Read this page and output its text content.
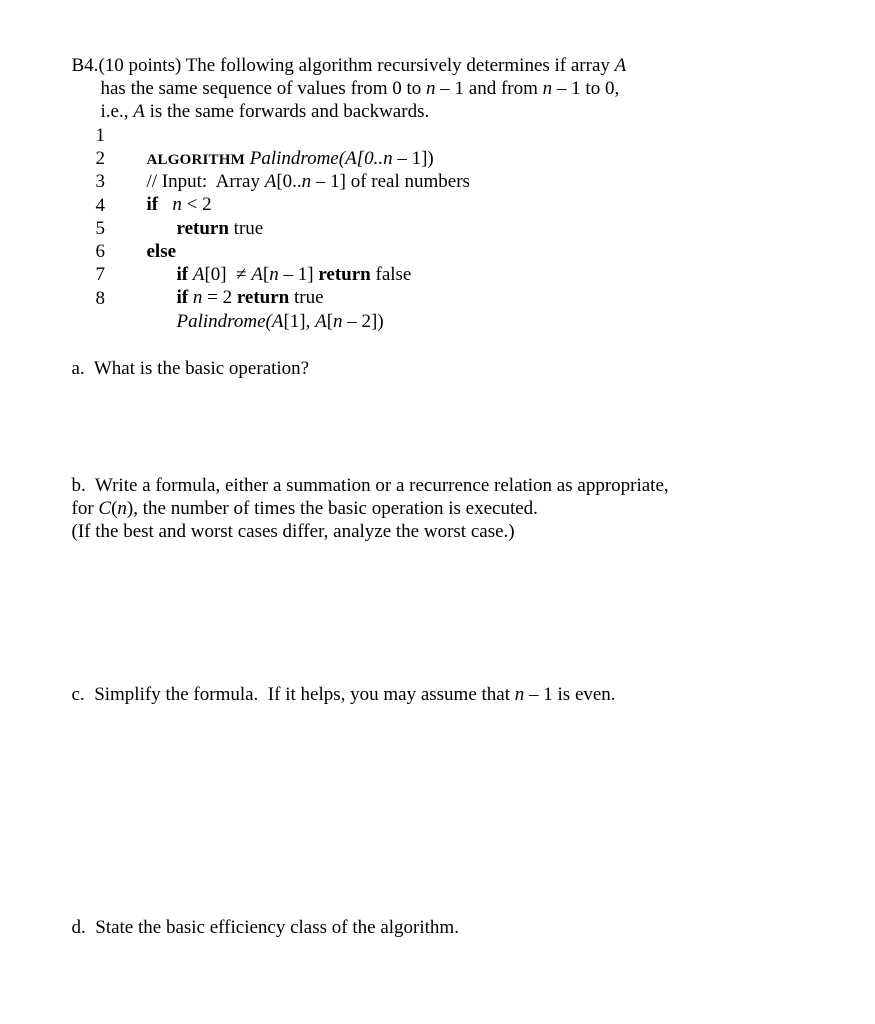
B4.(10 points) The following algorithm recursively determines if array A

has the same sequence of values from 0 to n – 1 and from n – 1 to 0,

i.e., A is the same forwards and backwards.

1
2
3
4
5
6
7
8

ALGORITHM Palindrome(A[0..n – 1])

// Input:  Array A[0..n – 1] of real numbers

if n < 2

return true

else

if A[0]  ≠ A[n – 1] return false

if n = 2 return true

Palindrome(A[1], A[n – 2])

a. What is the basic operation?

b. Write a formula, either a summation or a recurrence relation as appropriate,

for C(n), the number of times the basic operation is executed.

(If the best and worst cases differ, analyze the worst case.)

c. Simplify the formula.  If it helps, you may assume that n – 1 is even.

d. State the basic efficiency class of the algorithm.
